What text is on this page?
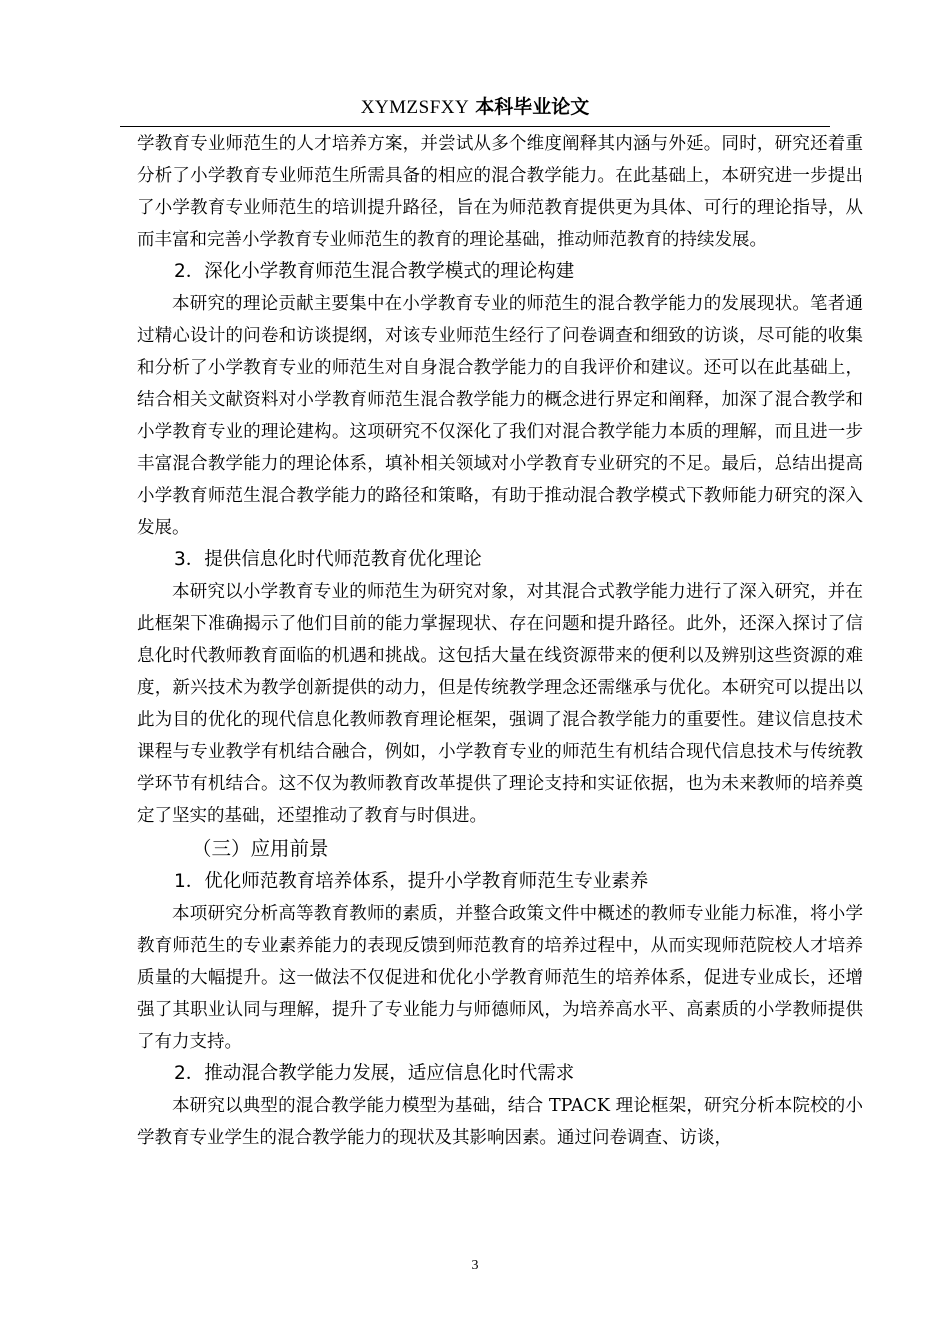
XYMZSFXY 本科毕业论文

学教育专业师范生的人才培养方案，并尝试从多个维度阐释其内涵与外延。同时，研究还着重分析了小学教育专业师范生所需具备的相应的混合教学能力。在此基础上，本研究进一步提出了小学教育专业师范生的培训提升路径，旨在为师范教育提供更为具体、可行的理论指导，从而丰富和完善小学教育专业师范生的教育的理论基础，推动师范教育的持续发展。

2．深化小学教育师范生混合教学模式的理论构建

本研究的理论贡献主要集中在小学教育专业的师范生的混合教学能力的发展现状。笔者通过精心设计的问卷和访谈提纲，对该专业师范生经行了问卷调查和细致的访谈，尽可能的收集和分析了小学教育专业的师范生对自身混合教学能力的自我评价和建议。还可以在此基础上，结合相关文献资料对小学教育师范生混合教学能力的概念进行界定和阐释，加深了混合教学和小学教育专业的理论建构。这项研究不仅深化了我们对混合教学能力本质的理解，而且进一步丰富混合教学能力的理论体系，填补相关领域对小学教育专业研究的不足。最后，总结出提高小学教育师范生混合教学能力的路径和策略，有助于推动混合教学模式下教师能力研究的深入发展。

3．提供信息化时代师范教育优化理论

本研究以小学教育专业的师范生为研究对象，对其混合式教学能力进行了深入研究，并在此框架下准确揭示了他们目前的能力掌握现状、存在问题和提升路径。此外，还深入探讨了信息化时代教师教育面临的机遇和挑战。这包括大量在线资源带来的便利以及辨别这些资源的难度，新兴技术为教学创新提供的动力，但是传统教学理念还需继承与优化。本研究可以提出以此为目的优化的现代信息化教师教育理论框架，强调了混合教学能力的重要性。建议信息技术课程与专业教学有机结合融合，例如，小学教育专业的师范生有机结合现代信息技术与传统教学环节有机结合。这不仅为教师教育改革提供了理论支持和实证依据，也为未来教师的培养奠定了坚实的基础，还望推动了教育与时俱进。

（三）应用前景

1．优化师范教育培养体系，提升小学教育师范生专业素养

本项研究分析高等教育教师的素质，并整合政策文件中概述的教师专业能力标准，将小学教育师范生的专业素养能力的表现反馈到师范教育的培养过程中，从而实现师范院校人才培养质量的大幅提升。这一做法不仅促进和优化小学教育师范生的培养体系，促进专业成长，还增强了其职业认同与理解，提升了专业能力与师德师风，为培养高水平、高素质的小学教师提供了有力支持。

2．推动混合教学能力发展，适应信息化时代需求

本研究以典型的混合教学能力模型为基础，结合 TPACK 理论框架，研究分析本院校的小学教育专业学生的混合教学能力的现状及其影响因素。通过问卷调查、访谈，

3
